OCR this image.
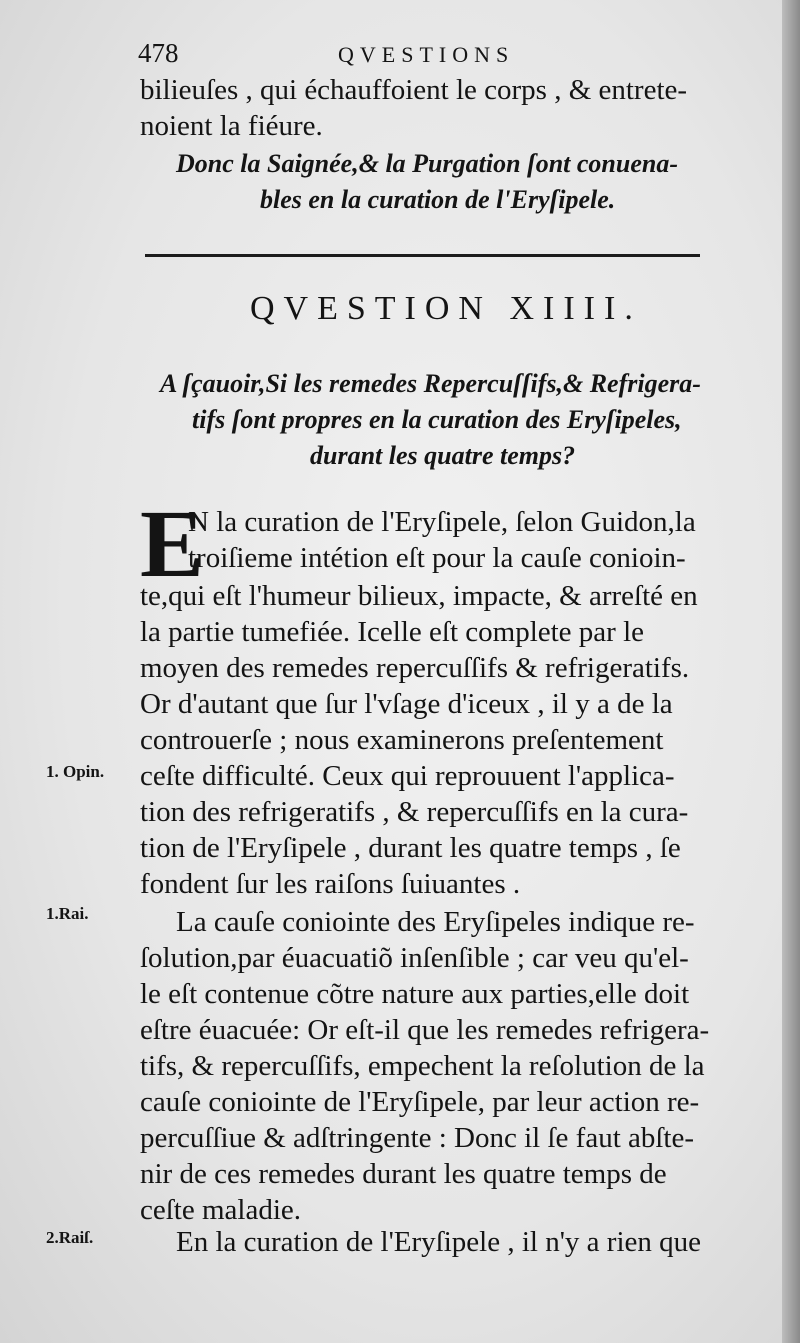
478	QVESTIONS
bilieuſes , qui échauffoient le corps , & entrete-
noient la fiéure.
Donc la Saignée,& la Purgation ſont conuena-
bles en la curation de l'Eryſipele.
QVESTION XIIII.
A ſçauoir,Si les remedes Repercuſſifs,& Refrigera-
tifs ſont propres en la curation des Eryſipeles,
durant les quatre temps?
E
N la curation de l'Eryſipele, ſelon Guidon,la
troiſieme intétion eſt pour la cauſe conioin-
te,qui eſt l'humeur bilieux, impacte, & arreſté en
la partie tumefiée. Icelle eſt complete par le
moyen des remedes repercuſſifs & refrigeratifs.
Or d'autant que ſur l'vſage d'iceux , il y a de la
controuerſe ; nous examinerons preſentement
ceſte difficulté. Ceux qui reprouuent l'applica-
tion des refrigeratifs , & repercuſſifs en la cura-
tion de l'Eryſipele , durant les quatre temps , ſe
fondent ſur les raiſons ſuiuantes .
La cauſe coniointe des Eryſipeles indique re-
ſolution,par éuacuatiõ inſenſible ; car veu qu'el-
le eſt contenue cõtre nature aux parties,elle doit
eſtre éuacuée: Or eſt-il que les remedes refrigera-
tifs, & repercuſſifs, empechent la reſolution de la
cauſe coniointe de l'Eryſipele, par leur action re-
percuſſiue & adſtringente : Donc il ſe faut abſte-
nir de ces remedes durant les quatre temps de
ceſte maladie.
En la curation de l'Eryſipele , il n'y a rien que
1. Opin.
1.Rai.
2.Raiſ.
